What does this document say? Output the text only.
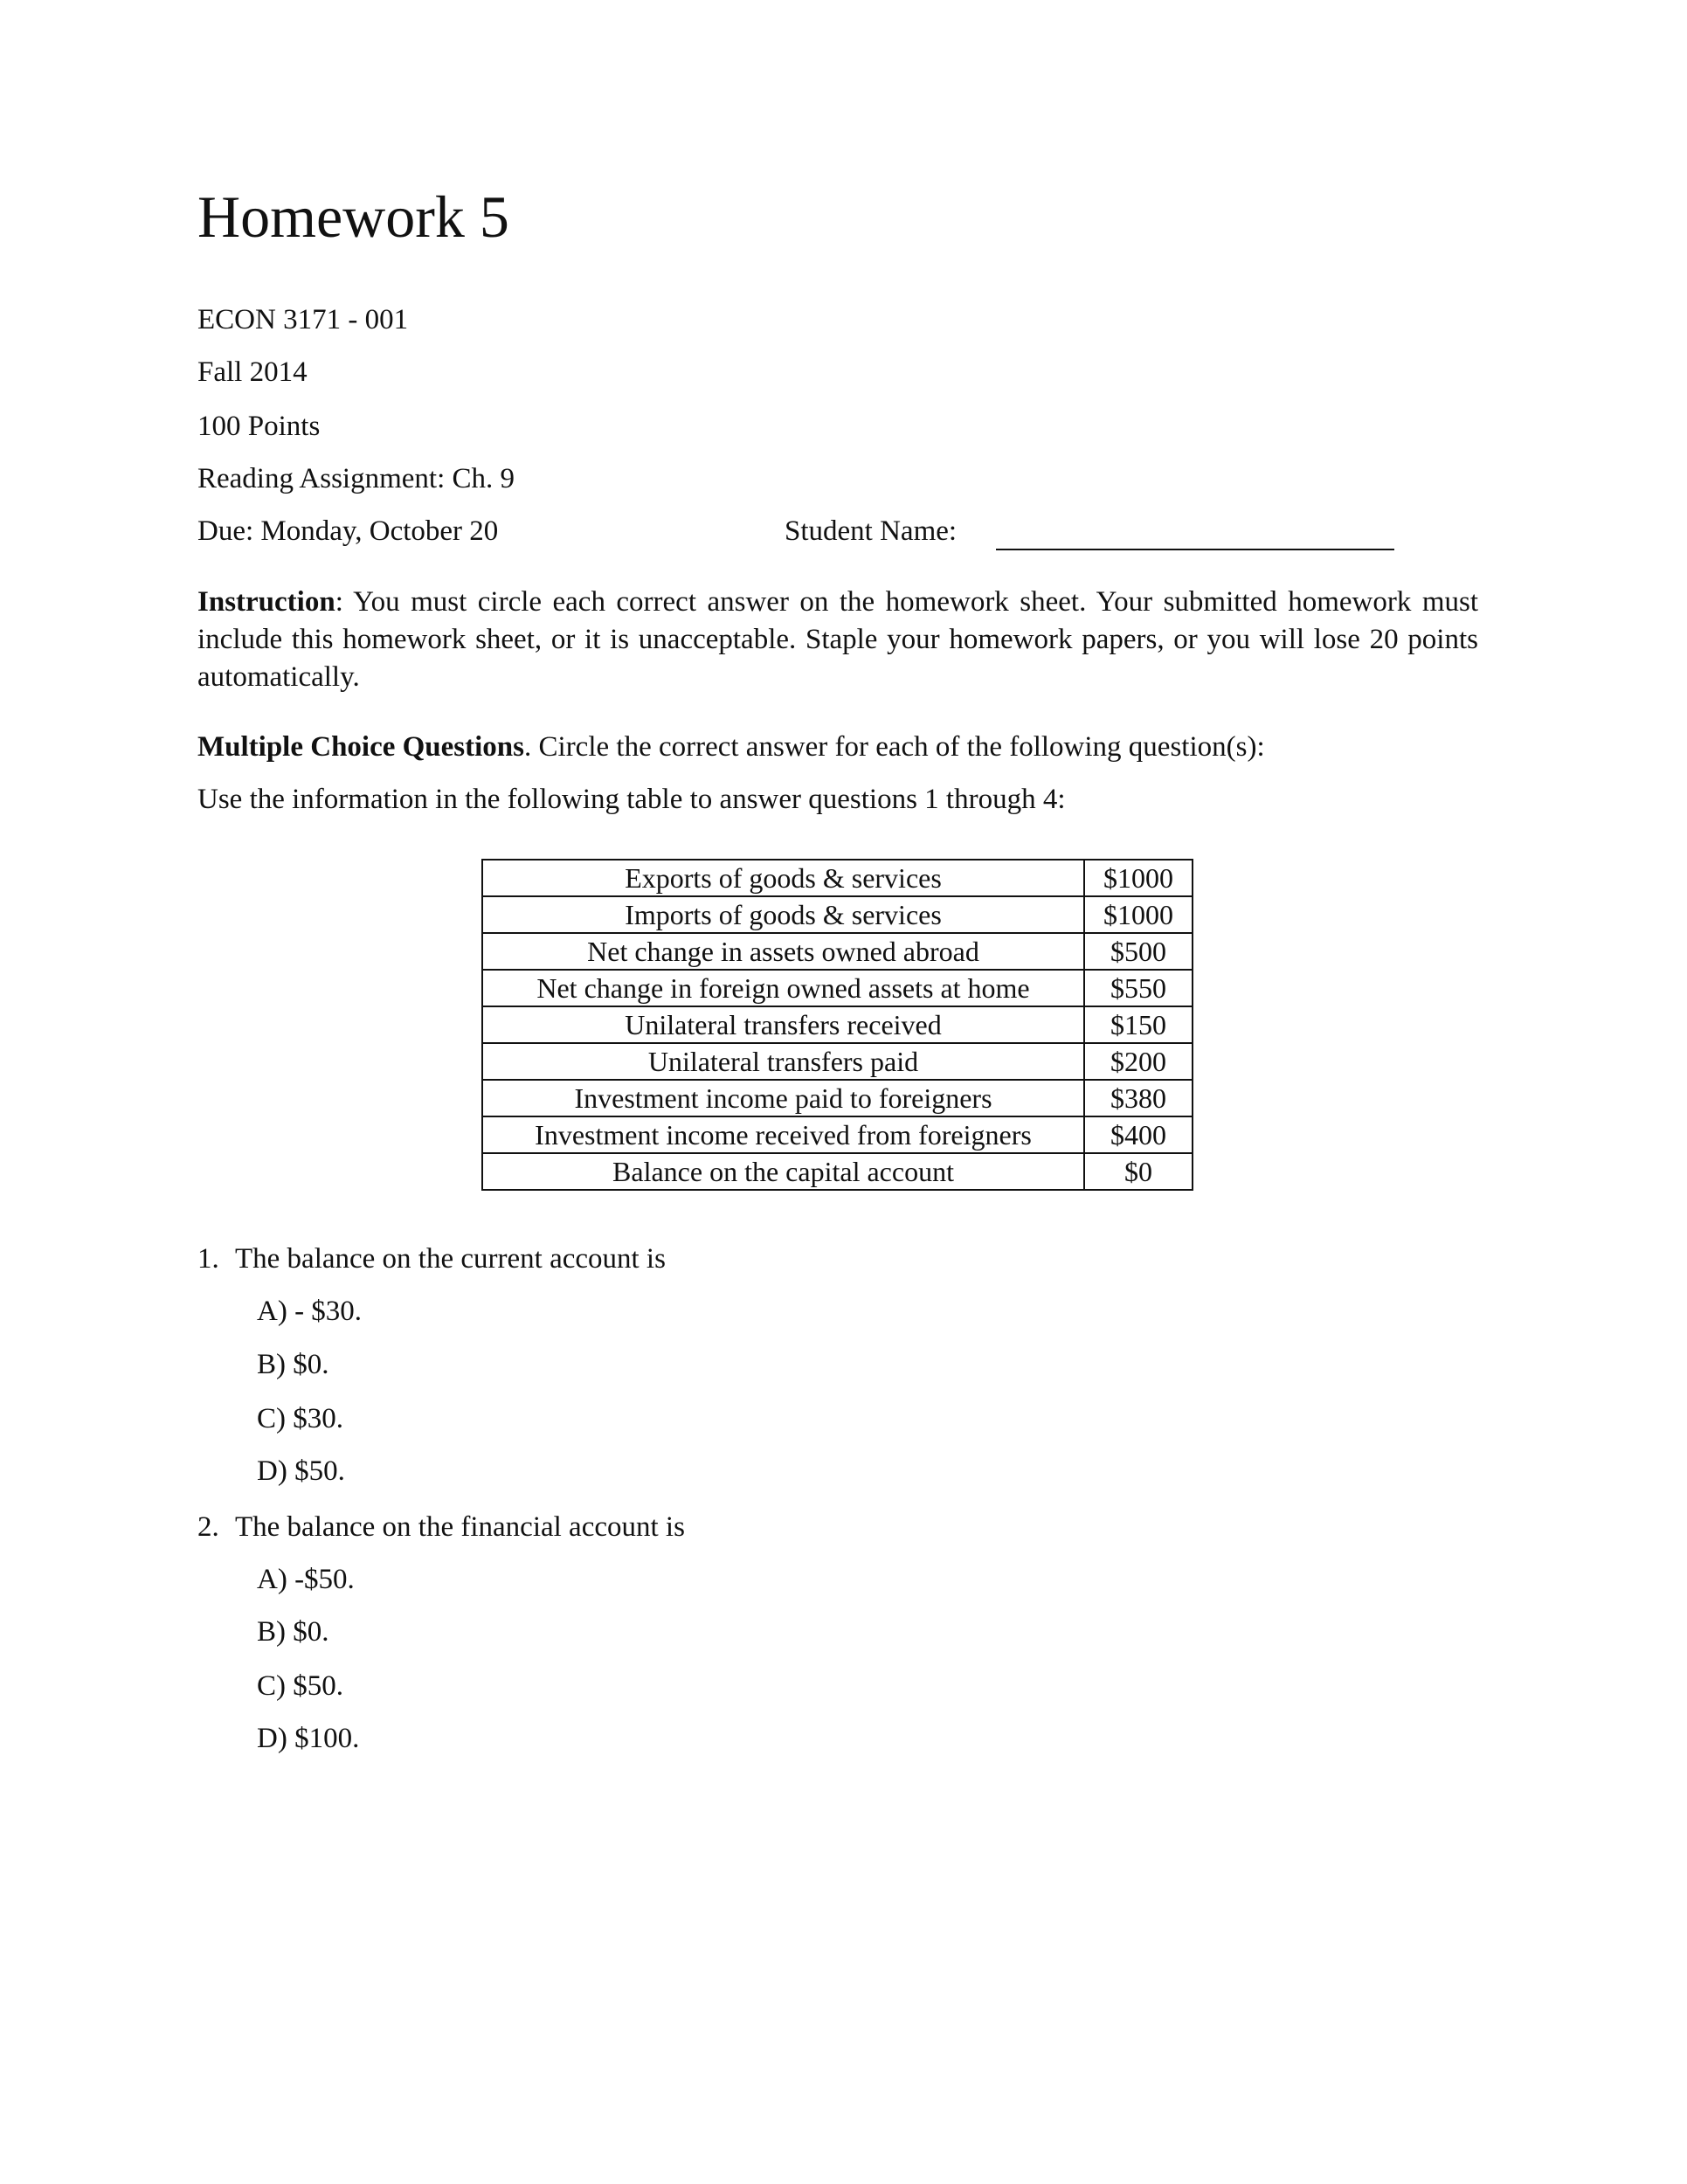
Homework 5
ECON 3171 - 001
Fall 2014
100 Points
Reading Assignment: Ch. 9
Due: Monday, October 20	Student Name:
Instruction: You must circle each correct answer on the homework sheet. Your submitted homework must include this homework sheet, or it is unacceptable. Staple your homework papers, or you will lose 20 points automatically.
Multiple Choice Questions. Circle the correct answer for each of the following question(s):
Use the information in the following table to answer questions 1 through 4:
Exports of goods & services	$1000
Imports of goods & services	$1000
Net change in assets owned abroad	$500
Net change in foreign owned assets at home	$550
Unilateral transfers received	$150
Unilateral transfers paid	$200
Investment income paid to foreigners	$380
Investment income received from foreigners	$400
Balance on the capital account	$0
1. The balance on the current account is
A) - $30.
B) $0.
C) $30.
D) $50.
2. The balance on the financial account is
A) -$50.
B) $0.
C) $50.
D) $100.
